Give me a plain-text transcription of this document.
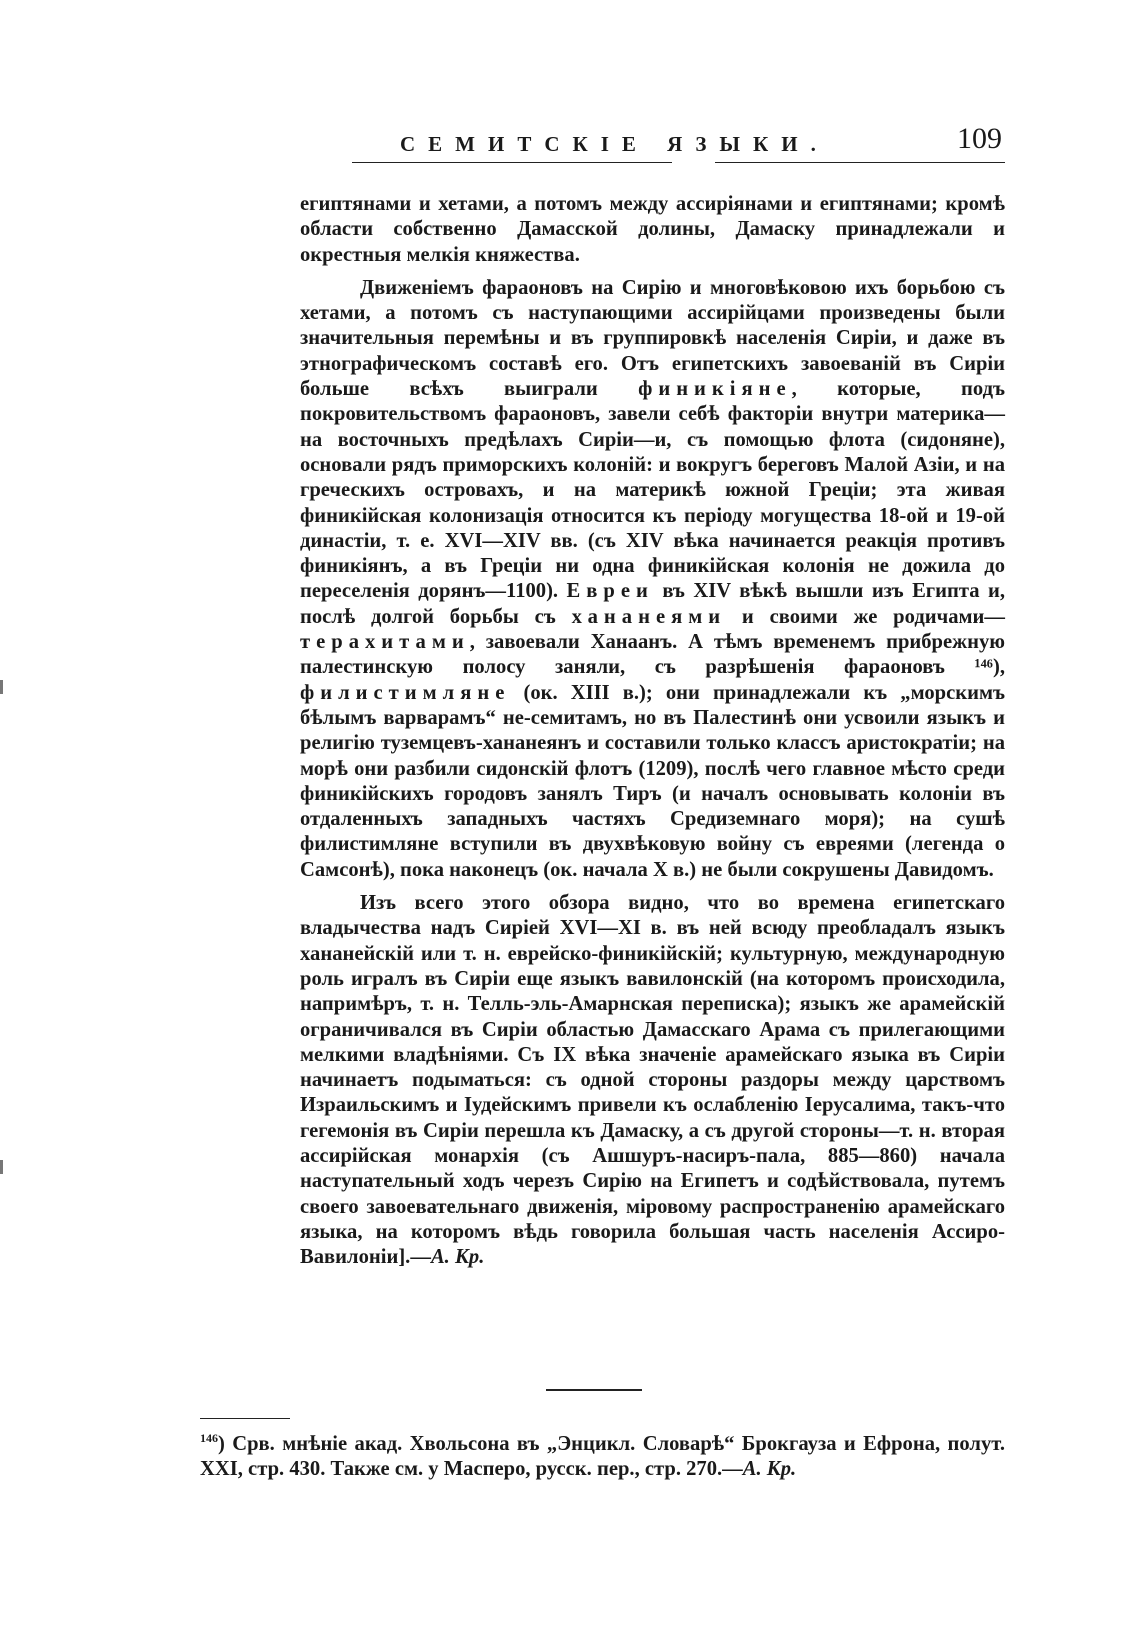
СЕМИТСКІЕ ЯЗЫКИ.	109

египтянами и хетами, а потомъ между ассиріянами и египтянами; кромѣ области собственно Дамасской долины, Дамаску принадлежали и окрестныя мелкія княжества.

Движеніемъ фараоновъ на Сирію и многовѣковою ихъ борьбою съ хетами, а потомъ съ наступающими ассирійцами произведены были значительныя перемѣны и въ группировкѣ населенія Сиріи, и даже въ этнографическомъ составѣ его. Отъ египетскихъ завоеваній въ Сиріи больше всѣхъ выиграли финикіяне, которые, подъ покровительствомъ фараоновъ, завели себѣ факторіи внутри материка—на восточныхъ предѣлахъ Сиріи—и, съ помощью флота (сидоняне), основали рядъ приморскихъ колоній: и вокругъ береговъ Малой Азіи, и на греческихъ островахъ, и на материкѣ южной Греціи; эта живая финикійская колонизація относится къ періоду могущества 18-ой и 19-ой династіи, т. е. XVI—XIV вв. (съ XIV вѣка начинается реакція противъ финикіянъ, а въ Греціи ни одна финикійская колонія не дожила до переселенія дорянъ—1100). Евреи въ XIV вѣкѣ вышли изъ Египта и, послѣ долгой борьбы съ хананеями и своими же родичами—терахитами, завоевали Ханаанъ. А тѣмъ временемъ прибрежную палестинскую полосу заняли, съ разрѣшенія фараоновъ ¹⁴⁶), филистимляне (ок. XIII в.); они принадлежали къ „морскимъ бѣлымъ варварамъ“ не-семитамъ, но въ Палестинѣ они усвоили языкъ и религію туземцевъ-хананеянъ и составили только классъ аристократіи; на морѣ они разбили сидонскій флотъ (1209), послѣ чего главное мѣсто среди финикійскихъ городовъ занялъ Тиръ (и началъ основывать колоніи въ отдаленныхъ западныхъ частяхъ Средиземнаго моря); на сушѣ филистимляне вступили въ двухвѣковую войну съ евреями (легенда о Самсонѣ), пока наконецъ (ок. начала X в.) не были сокрушены Давидомъ.

Изъ всего этого обзора видно, что во времена египетскаго владычества надъ Сиріей XVI—XI в. въ ней всюду преобладалъ языкъ хананейскій или т. н. еврейско-финикійскій; культурную, международную роль игралъ въ Сиріи еще языкъ вавилонскій (на которомъ происходила, напримѣръ, т. н. Телль-эль-Амарнская переписка); языкъ же арамейскій ограничивался въ Сиріи областью Дамасскаго Арама съ прилегающими мелкими владѣніями. Съ IX вѣка значеніе арамейскаго языка въ Сиріи начинаетъ подыматься: съ одной стороны раздоры между царствомъ Израильскимъ и Іудейскимъ привели къ ослабленію Іерусалима, такъ-что гегемонія въ Сиріи перешла къ Дамаску, а съ другой стороны—т. н. вторая ассирійская монархія (съ Ашшуръ-насиръ-пала, 885—860) начала наступательный ходъ черезъ Сирію на Египетъ и содѣйствовала, путемъ своего завоевательнаго движенія, міровому распространенію арамейскаго языка, на которомъ вѣдь говорила большая часть населенія Ассиро-Вавилоніи].—А. Кр.

$^{146}$) Срв. мнѣніе акад. Хвольсона въ „Энцикл. Словарѣ“ Брокгауза и Ефрона, полут. XXI, стр. 430. Также см. у Масперо, русск. пер., стр. 270.—А. Кр.
